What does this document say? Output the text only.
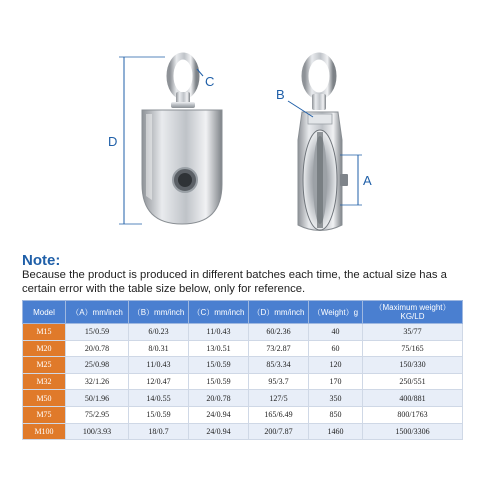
D
C
B
A
Note:
Because the product is produced in different batches each time, the actual size has a certain error with the table size below, only for reference.
Model	（A）mm/inch	（B）mm/inch	（C）mm/inch	（D）mm/inch	（Weight）g	（Maximum weight）KG/LD
M15	15/0.59	6/0.23	11/0.43	60/2.36	40	35/77
M20	20/0.78	8/0.31	13/0.51	73/2.87	60	75/165
M25	25/0.98	11/0.43	15/0.59	85/3.34	120	150/330
M32	32/1.26	12/0.47	15/0.59	95/3.7	170	250/551
M50	50/1.96	14/0.55	20/0.78	127/5	350	400/881
M75	75/2.95	15/0.59	24/0.94	165/6.49	850	800/1763
M100	100/3.93	18/0.7	24/0.94	200/7.87	1460	1500/3306
